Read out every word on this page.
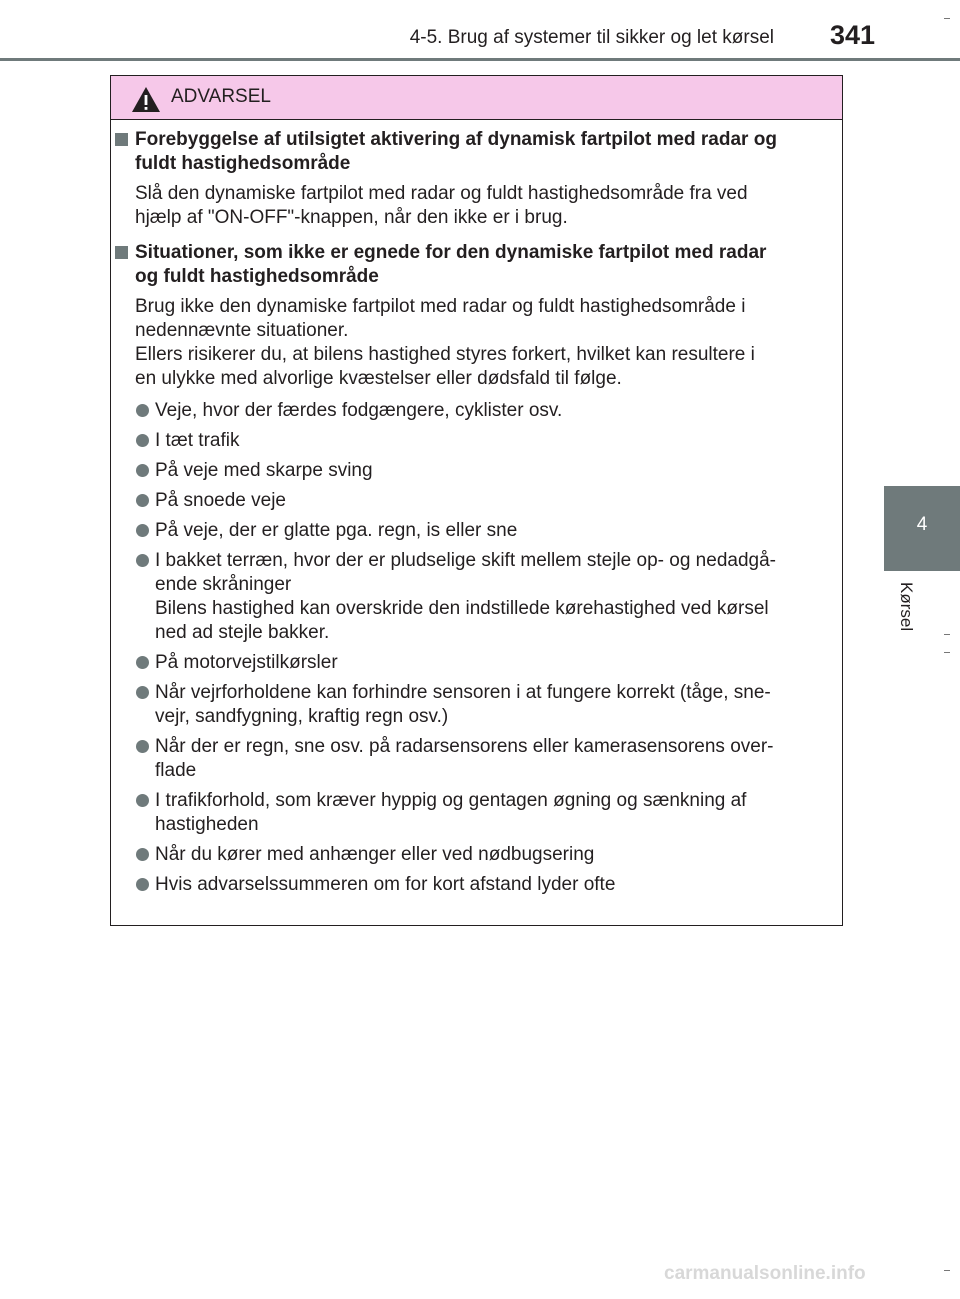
4-5. Brug af systemer til sikker og let kørsel 341
4
Kørsel
ADVARSEL
Forebyggelse af utilsigtet aktivering af dynamisk fartpilot med radar og
fuldt hastighedsområde
Slå den dynamiske fartpilot med radar og fuldt hastighedsområde fra ved
hjælp af "ON-OFF"-knappen, når den ikke er i brug.
Situationer, som ikke er egnede for den dynamiske fartpilot med radar
og fuldt hastighedsområde
Brug ikke den dynamiske fartpilot med radar og fuldt hastighedsområde i
nedennævnte situationer.
Ellers risikerer du, at bilens hastighed styres forkert, hvilket kan resultere i
en ulykke med alvorlige kvæstelser eller dødsfald til følge.
Veje, hvor der færdes fodgængere, cyklister osv.
I tæt trafik
På veje med skarpe sving
På snoede veje
På veje, der er glatte pga. regn, is eller sne
I bakket terræn, hvor der er pludselige skift mellem stejle op- og nedadgå-
ende skråninger
Bilens hastighed kan overskride den indstillede kørehastighed ved kørsel
ned ad stejle bakker.
På motorvejstilkørsler
Når vejrforholdene kan forhindre sensoren i at fungere korrekt (tåge, sne-
vejr, sandfygning, kraftig regn osv.)
Når der er regn, sne osv. på radarsensorens eller kamerasensorens over-
flade
I trafikforhold, som kræver hyppig og gentagen øgning og sænkning af
hastigheden
Når du kører med anhænger eller ved nødbugsering
Hvis advarselssummeren om for kort afstand lyder ofte
carmanualsonline.info
